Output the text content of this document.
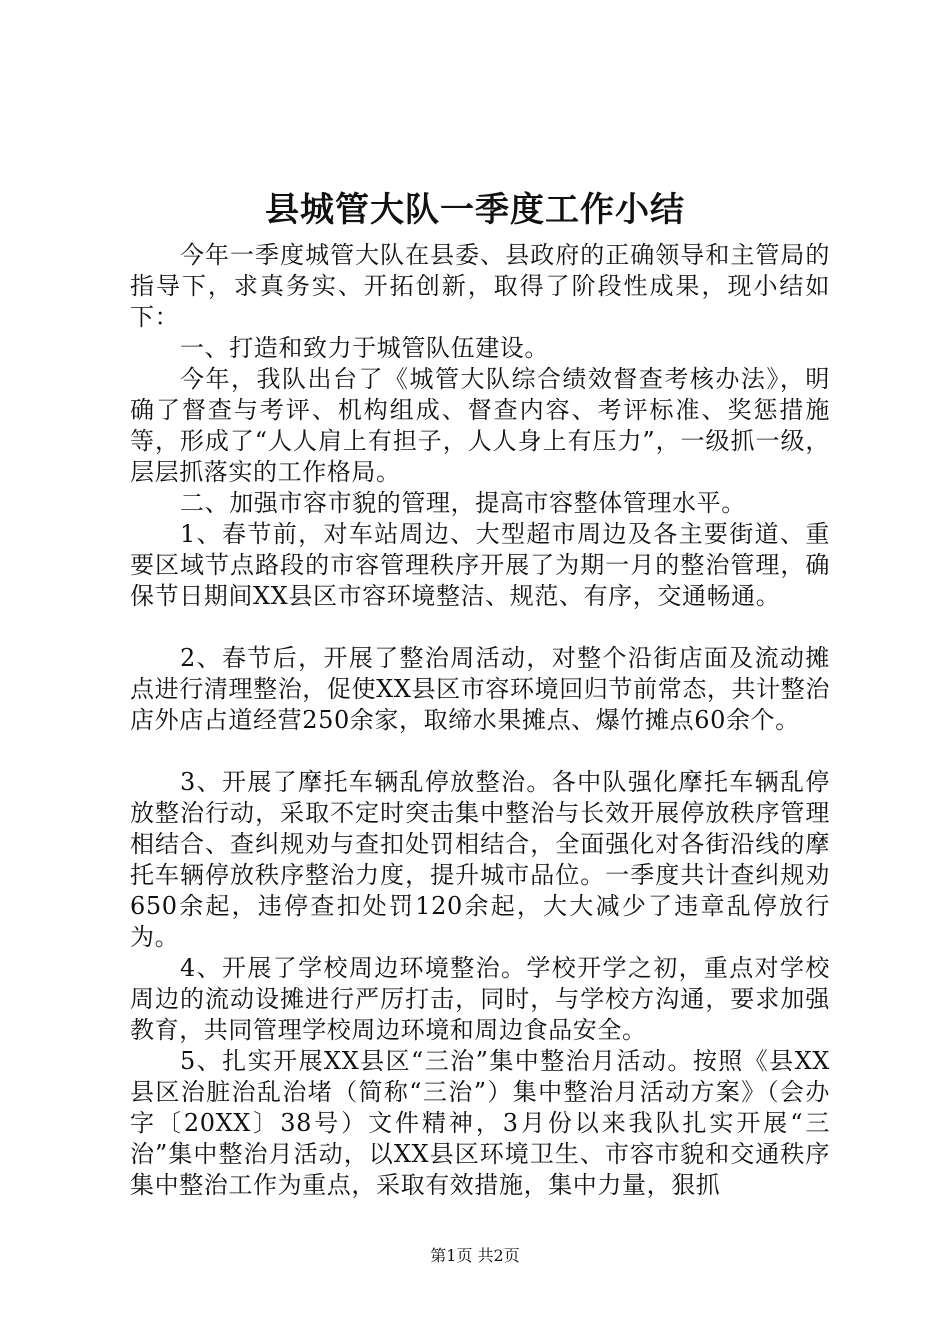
县城管大队一季度工作小结

今年一季度城管大队在县委、县政府的正确领导和主管局的指导下，求真务实、开拓创新，取得了阶段性成果，现小结如下：

一、打造和致力于城管队伍建设。

今年，我队出台了《城管大队综合绩效督查考核办法》，明确了督查与考评、机构组成、督查内容、考评标准、奖惩措施等，形成了“人人肩上有担子，人人身上有压力”，一级抓一级，层层抓落实的工作格局。

二、加强市容市貌的管理，提高市容整体管理水平。

1、春节前，对车站周边、大型超市周边及各主要街道、重要区域节点路段的市容管理秩序开展了为期一月的整治管理，确保节日期间XX县区市容环境整洁、规范、有序，交通畅通。

2、春节后，开展了整治周活动，对整个沿街店面及流动摊点进行清理整治，促使XX县区市容环境回归节前常态，共计整治店外店占道经营250余家，取缔水果摊点、爆竹摊点60余个。

3、开展了摩托车辆乱停放整治。各中队强化摩托车辆乱停放整治行动，采取不定时突击集中整治与长效开展停放秩序管理相结合、查纠规劝与查扣处罚相结合，全面强化对各街沿线的摩托车辆停放秩序整治力度，提升城市品位。一季度共计查纠规劝650余起，违停查扣处罚120余起，大大减少了违章乱停放行为。

4、开展了学校周边环境整治。学校开学之初，重点对学校周边的流动设摊进行严厉打击，同时，与学校方沟通，要求加强教育，共同管理学校周边环境和周边食品安全。

5、扎实开展XX县区“三治”集中整治月活动。按照《县XX县区治脏治乱治堵（简称“三治”）集中整治月活动方案》（会办字〔20XX〕38号）文件精神，3月份以来我队扎实开展“三治”集中整治月活动，以XX县区环境卫生、市容市貌和交通秩序集中整治工作为重点，采取有效措施，集中力量，狠抓

第1页 共2页
